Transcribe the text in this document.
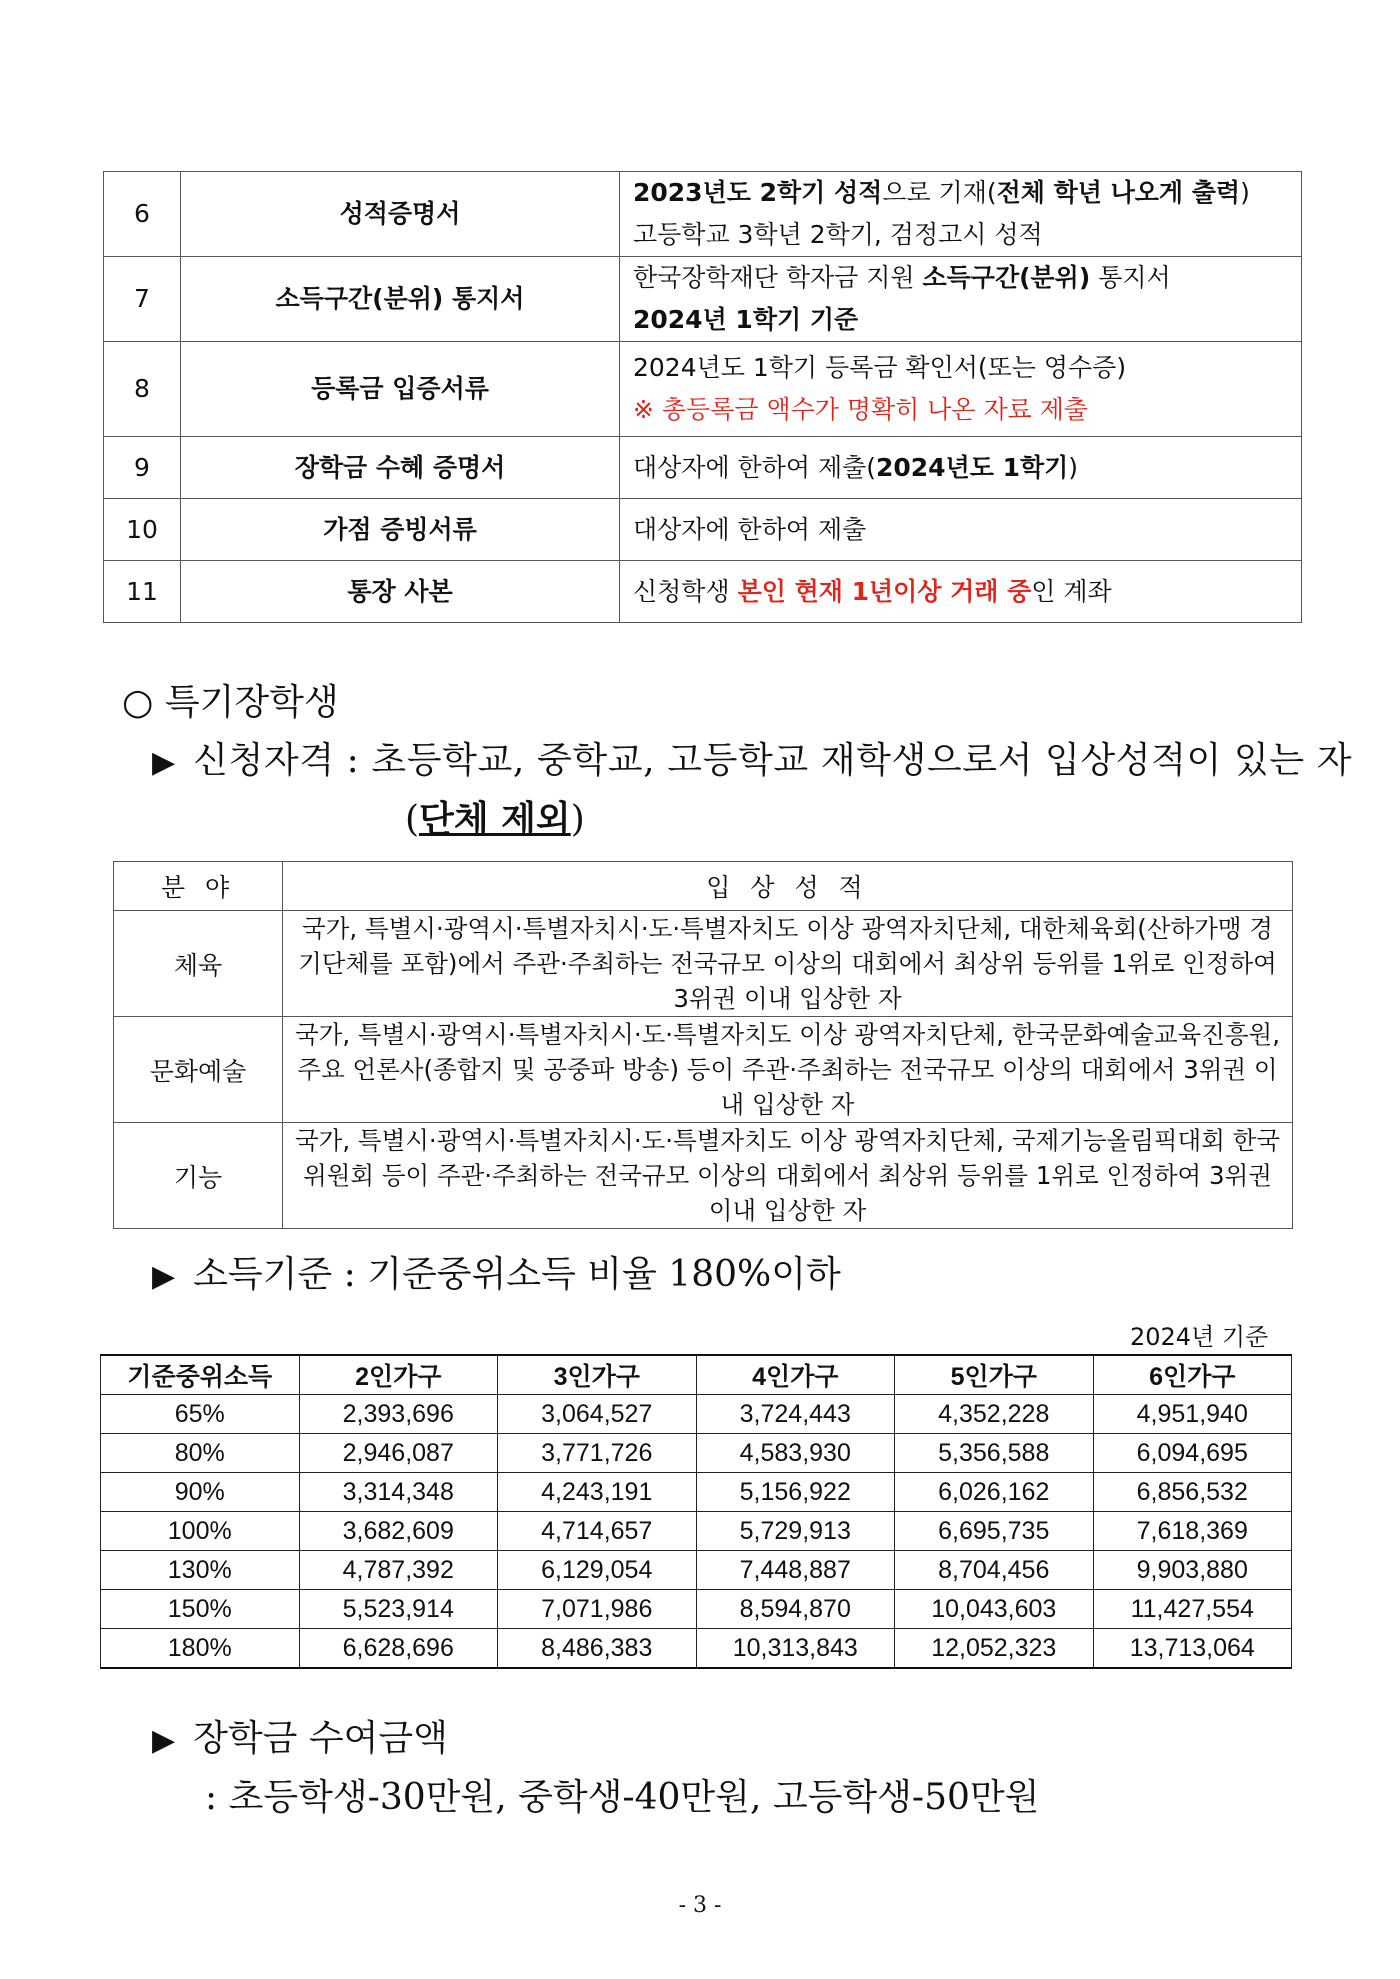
6	성적증명서	2023년도 2학기 성적으로 기재(전체 학년 나오게 출력)
고등학교 3학년 2학기, 검정고시 성적

7	소득구간(분위) 통지서	한국장학재단 학자금 지원 소득구간(분위) 통지서
2024년 1학기 기준

8	등록금 입증서류	2024년도 1학기 등록금 확인서(또는 영수증)
※ 총등록금 액수가 명확히 나온 자료 제출

9	장학금 수혜 증명서	대상자에 한하여 제출(2024년도 1학기)

10	가점 증빙서류	대상자에 한하여 제출

11	통장 사본	신청학생 본인 현재 1년이상 거래 중인 계좌
○ 특기장학생
▶ 신청자격 : 초등학교, 중학교, 고등학교 재학생으로서 입상성적이 있는 자
(단체 제외)
분 야	입 상 성 적
체육	국가, 특별시·광역시·특별자치시·도·특별자치도 이상 광역자치단체, 대한체육회(산하가맹 경기단체를 포함)에서 주관·주최하는 전국규모 이상의 대회에서 최상위 등위를 1위로 인정하여 3위권 이내 입상한 자
문화예술	국가, 특별시·광역시·특별자치시·도·특별자치도 이상 광역자치단체, 한국문화예술교육진흥원, 주요 언론사(종합지 및 공중파 방송) 등이 주관·주최하는 전국규모 이상의 대회에서 3위권 이내 입상한 자
기능	국가, 특별시·광역시·특별자치시·도·특별자치도 이상 광역자치단체, 국제기능올림픽대회 한국위원회 등이 주관·주최하는 전국규모 이상의 대회에서 최상위 등위를 1위로 인정하여 3위권 이내 입상한 자
▶ 소득기준 : 기준중위소득 비율 180%이하
2024년 기준
기준중위소득	2인가구	3인가구	4인가구	5인가구	6인가구
65%	2,393,696	3,064,527	3,724,443	4,352,228	4,951,940
80%	2,946,087	3,771,726	4,583,930	5,356,588	6,094,695
90%	3,314,348	4,243,191	5,156,922	6,026,162	6,856,532
100%	3,682,609	4,714,657	5,729,913	6,695,735	7,618,369
130%	4,787,392	6,129,054	7,448,887	8,704,456	9,903,880
150%	5,523,914	7,071,986	8,594,870	10,043,603	11,427,554
180%	6,628,696	8,486,383	10,313,843	12,052,323	13,713,064
▶ 장학금 수여금액
: 초등학생-30만원, 중학생-40만원, 고등학생-50만원
- 3 -
